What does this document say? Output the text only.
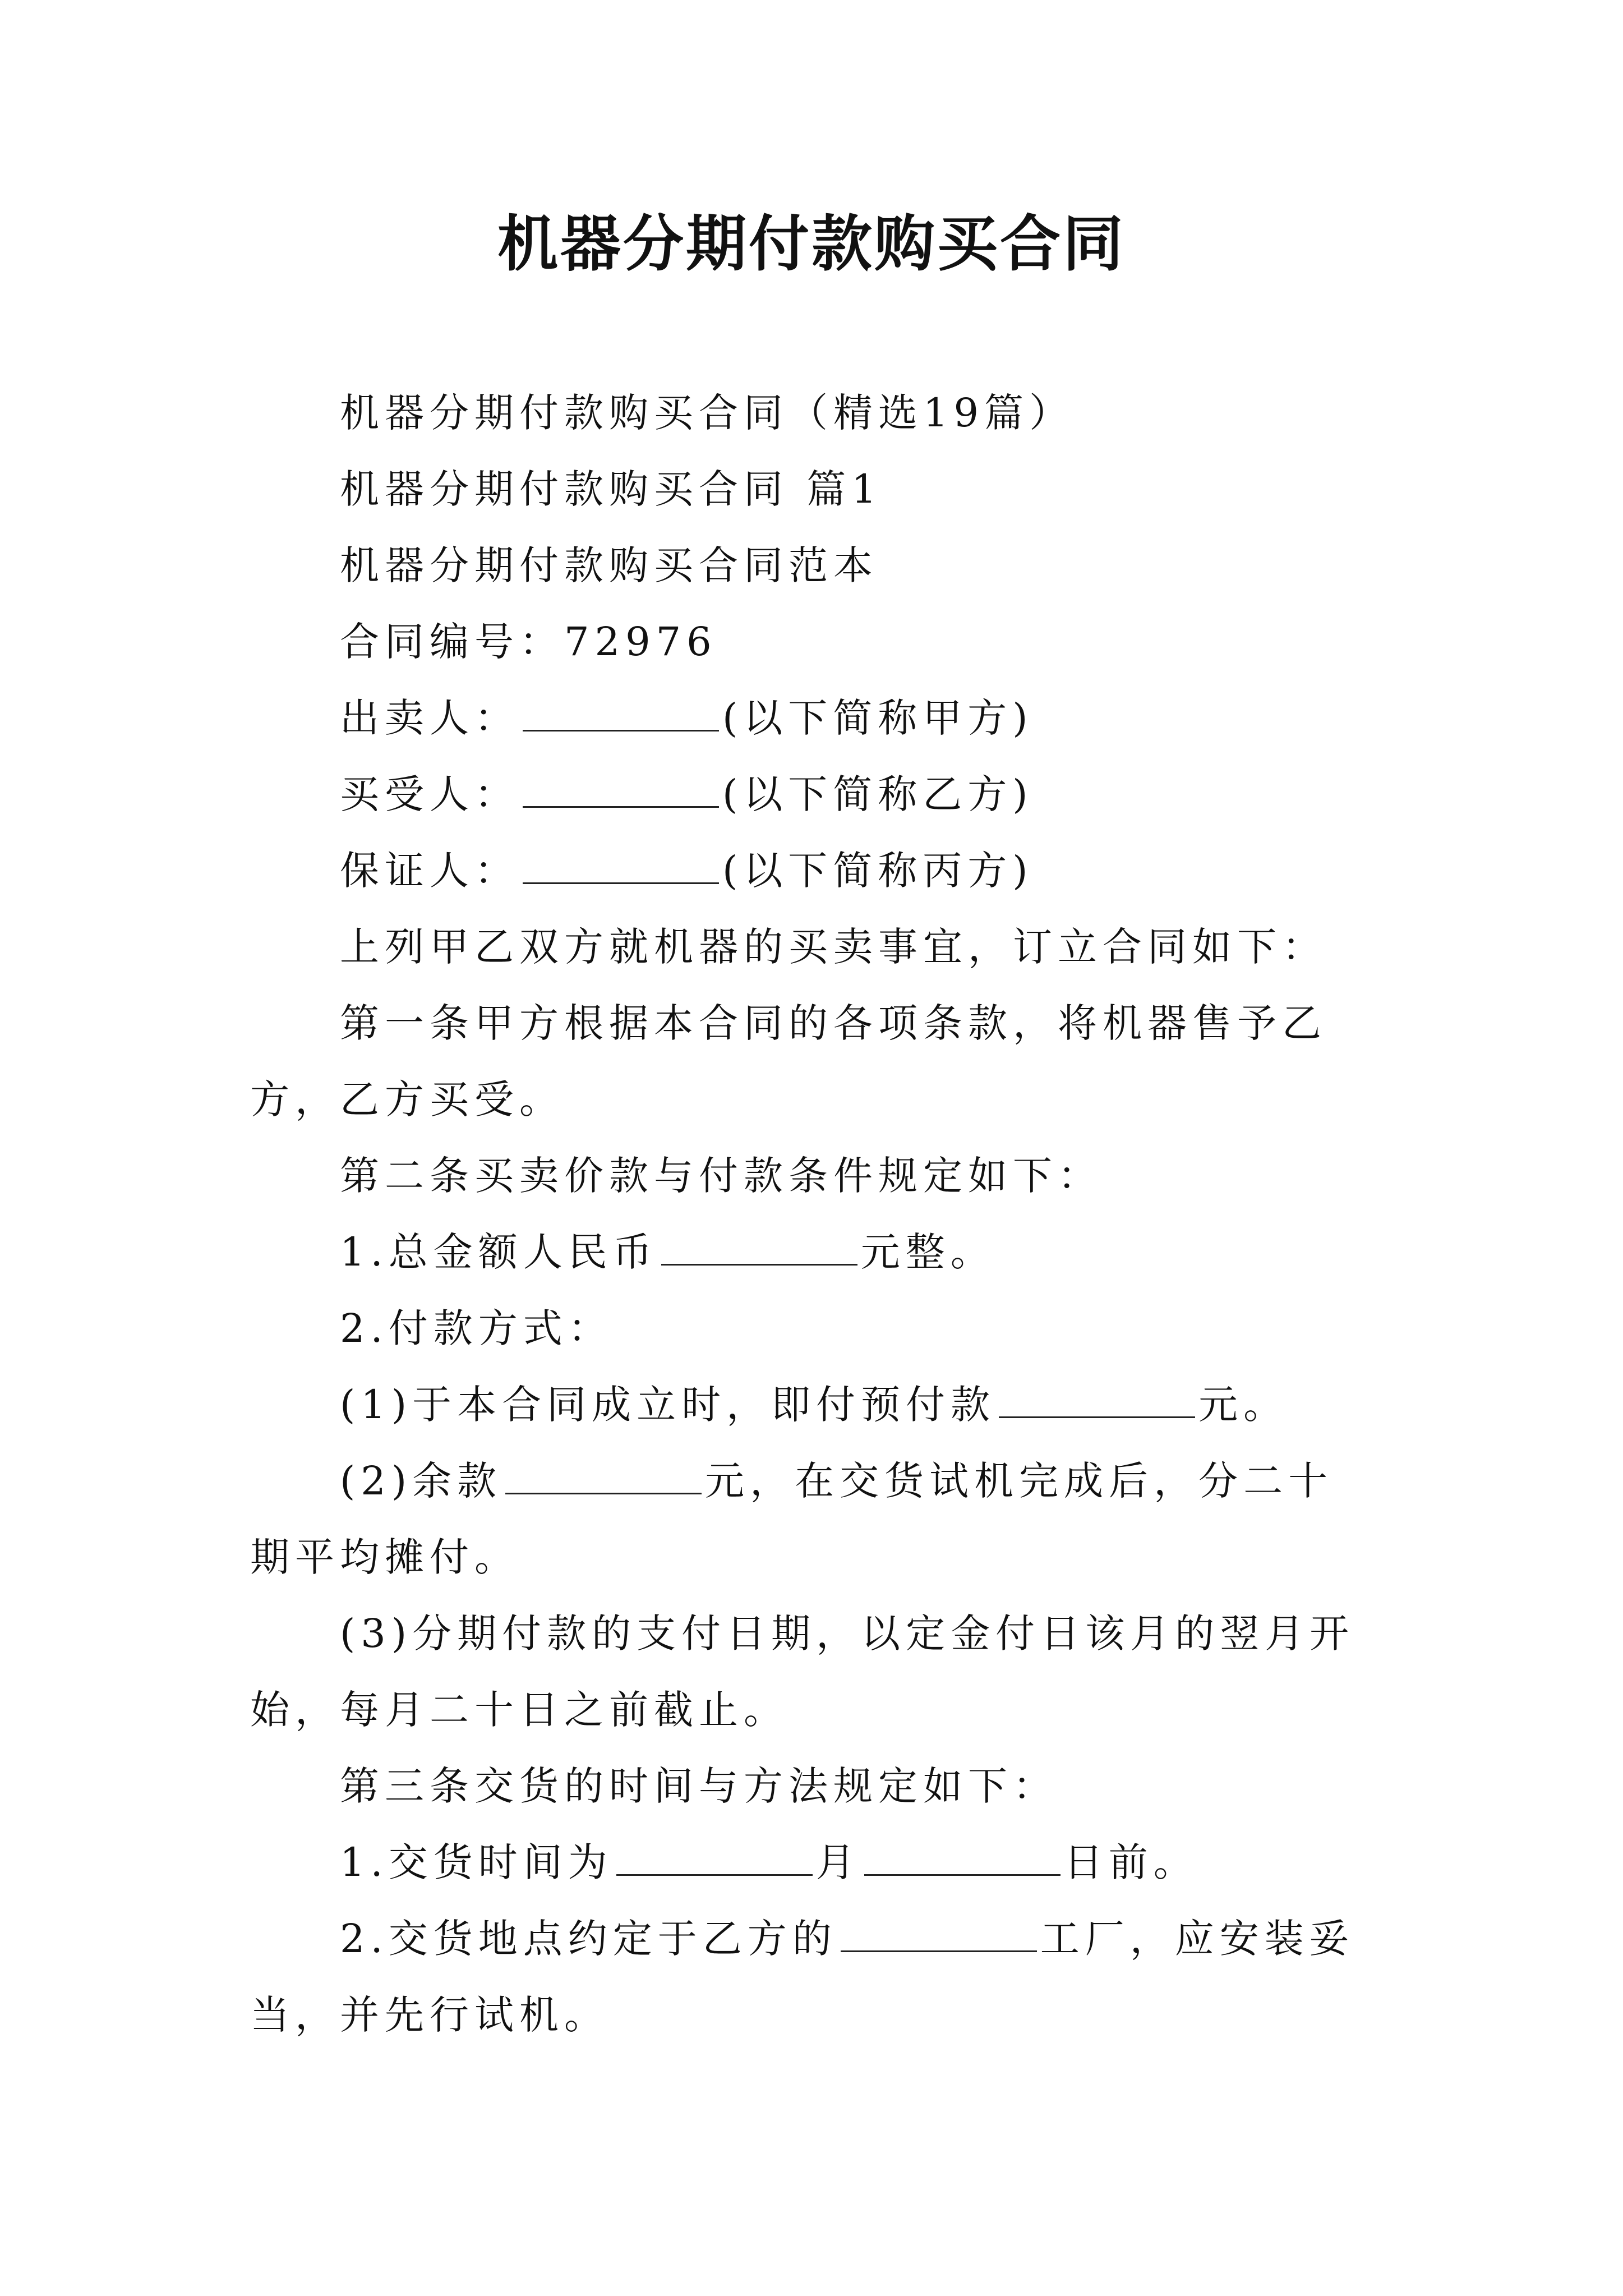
机器分期付款购买合同

机器分期付款购买合同（精选19篇）

机器分期付款购买合同 篇1

机器分期付款购买合同范本

合同编号：72976

出卖人：	(以下简称甲方)

买受人：	(以下简称乙方)

保证人：	(以下简称丙方)

上列甲乙双方就机器的买卖事宜，订立合同如下：

第一条甲方根据本合同的各项条款，将机器售予乙方，乙方买受。

第二条买卖价款与付款条件规定如下：

1.总金额人民币	元整。

2.付款方式：

(1)于本合同成立时，即付预付款	元。

(2)余款	元，在交货试机完成后，分二十期平均摊付。

(3)分期付款的支付日期，以定金付日该月的翌月开始，每月二十日之前截止。

第三条交货的时间与方法规定如下：

1.交货时间为	月	日前。

2.交货地点约定于乙方的	工厂，应安装妥当，并先行试机。
